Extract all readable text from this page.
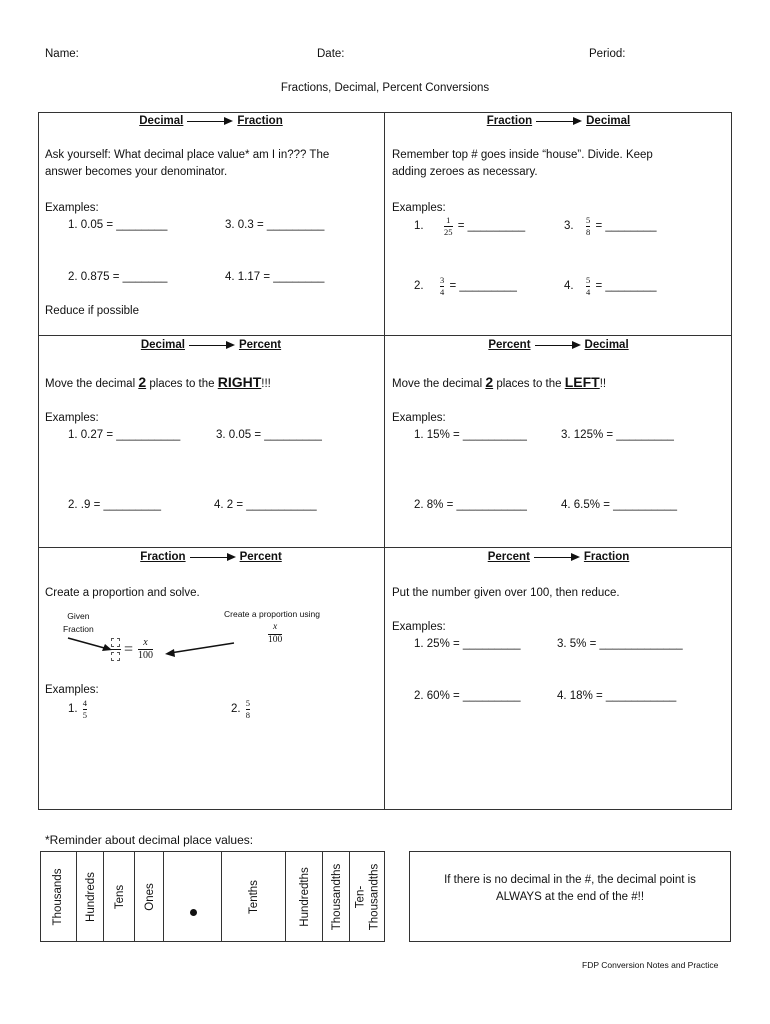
Name:	Date:	Period:
Fractions, Decimal, Percent Conversions
Decimal	Fraction
Ask yourself: What decimal place value* am I in??? The
answer becomes your denominator.
Examples:
1. 0.05 = ________	3. 0.3 = _________
2. 0.875 = _______	4. 1.17 = ________
Reduce if possible
Fraction	Decimal
Remember top # goes inside “house”. Divide. Keep
adding zeroes as necessary.
Examples:
1. $\frac{1}{25}$ = _________	3. $\frac{5}{8}$ = ________
2. $\frac{3}{4}$ = _________	4. $\frac{5}{4}$ = ________
Decimal	Percent
Move the decimal 2 places to the RIGHT!!!
Examples:
1. 0.27 = __________	3. 0.05 = _________
2. .9 = _________	4. 2 = ___________
Percent	Decimal
Move the decimal 2 places to the LEFT!!
Examples:
1. 15% = __________	3. 125% = _________
2. 8% = ___________	4. 6.5% = __________
Fraction	Percent
Create a proportion and solve.
Given
Fraction
Create a proportion using
$\frac{x}{100}$
= $\frac{x}{100}$
Examples:
1. $\frac{4}{5}$	2. $\frac{5}{8}$
Percent	Fraction
Put the number given over 100, then reduce.
Examples:
1. 25% = _________	3. 5% = _____________
2. 60% = _________	4. 18% = ___________
*Reminder about decimal place values:
Thousands Hundreds Tens Ones	Tenths	Hundredths Thousandths Ten- Thousandths	If there is no decimal in the #, the decimal point is
ALWAYS at the end of the #!!
FDP Conversion Notes and Practice
